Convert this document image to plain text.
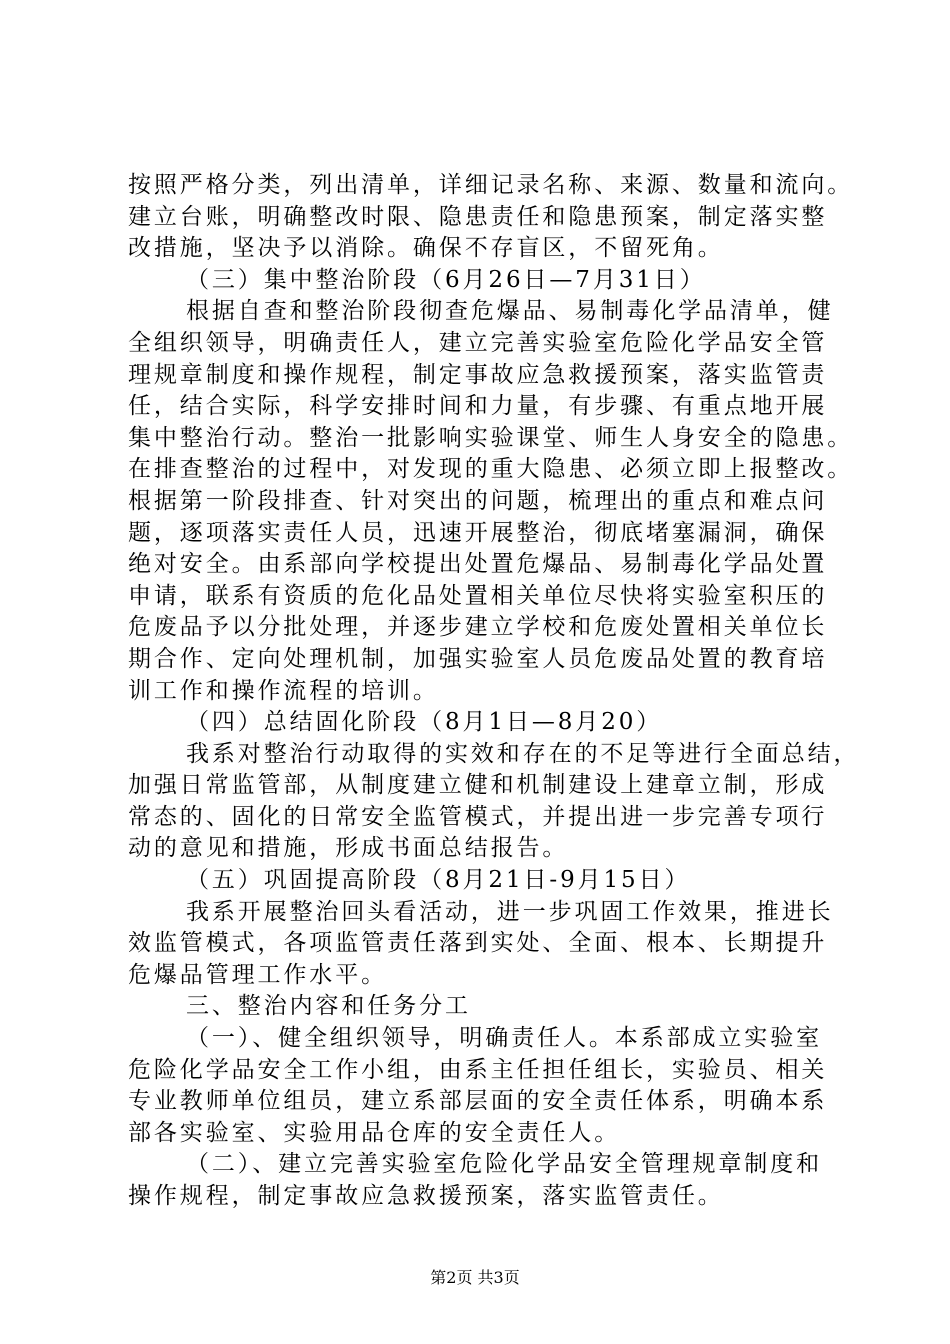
按照严格分类，列出清单，详细记录名称、来源、数量和流向。
建立台账，明确整改时限、隐患责任和隐患预案，制定落实整
改措施，坚决予以消除。确保不存盲区，不留死角。
（三）集中整治阶段（6月26日—7月31日）
根据自查和整治阶段彻查危爆品、易制毒化学品清单，健
全组织领导，明确责任人，建立完善实验室危险化学品安全管
理规章制度和操作规程，制定事故应急救援预案，落实监管责
任，结合实际，科学安排时间和力量，有步骤、有重点地开展
集中整治行动。整治一批影响实验课堂、师生人身安全的隐患。
在排查整治的过程中，对发现的重大隐患、必须立即上报整改。
根据第一阶段排查、针对突出的问题，梳理出的重点和难点问
题，逐项落实责任人员，迅速开展整治，彻底堵塞漏洞，确保
绝对安全。由系部向学校提出处置危爆品、易制毒化学品处置
申请，联系有资质的危化品处置相关单位尽快将实验室积压的
危废品予以分批处理，并逐步建立学校和危废处置相关单位长
期合作、定向处理机制，加强实验室人员危废品处置的教育培
训工作和操作流程的培训。
（四）总结固化阶段（8月1日—8月20）
我系对整治行动取得的实效和存在的不足等进行全面总结，
加强日常监管部，从制度建立健和机制建设上建章立制，形成
常态的、固化的日常安全监管模式，并提出进一步完善专项行
动的意见和措施，形成书面总结报告。
（五）巩固提高阶段（8月21日-9月15日）
我系开展整治回头看活动，进一步巩固工作效果，推进长
效监管模式，各项监管责任落到实处、全面、根本、长期提升
危爆品管理工作水平。
三、整治内容和任务分工
（一）、健全组织领导，明确责任人。本系部成立实验室
危险化学品安全工作小组，由系主任担任组长，实验员、相关
专业教师单位组员，建立系部层面的安全责任体系，明确本系
部各实验室、实验用品仓库的安全责任人。
（二）、建立完善实验室危险化学品安全管理规章制度和
操作规程，制定事故应急救援预案，落实监管责任。
第2页 共3页
